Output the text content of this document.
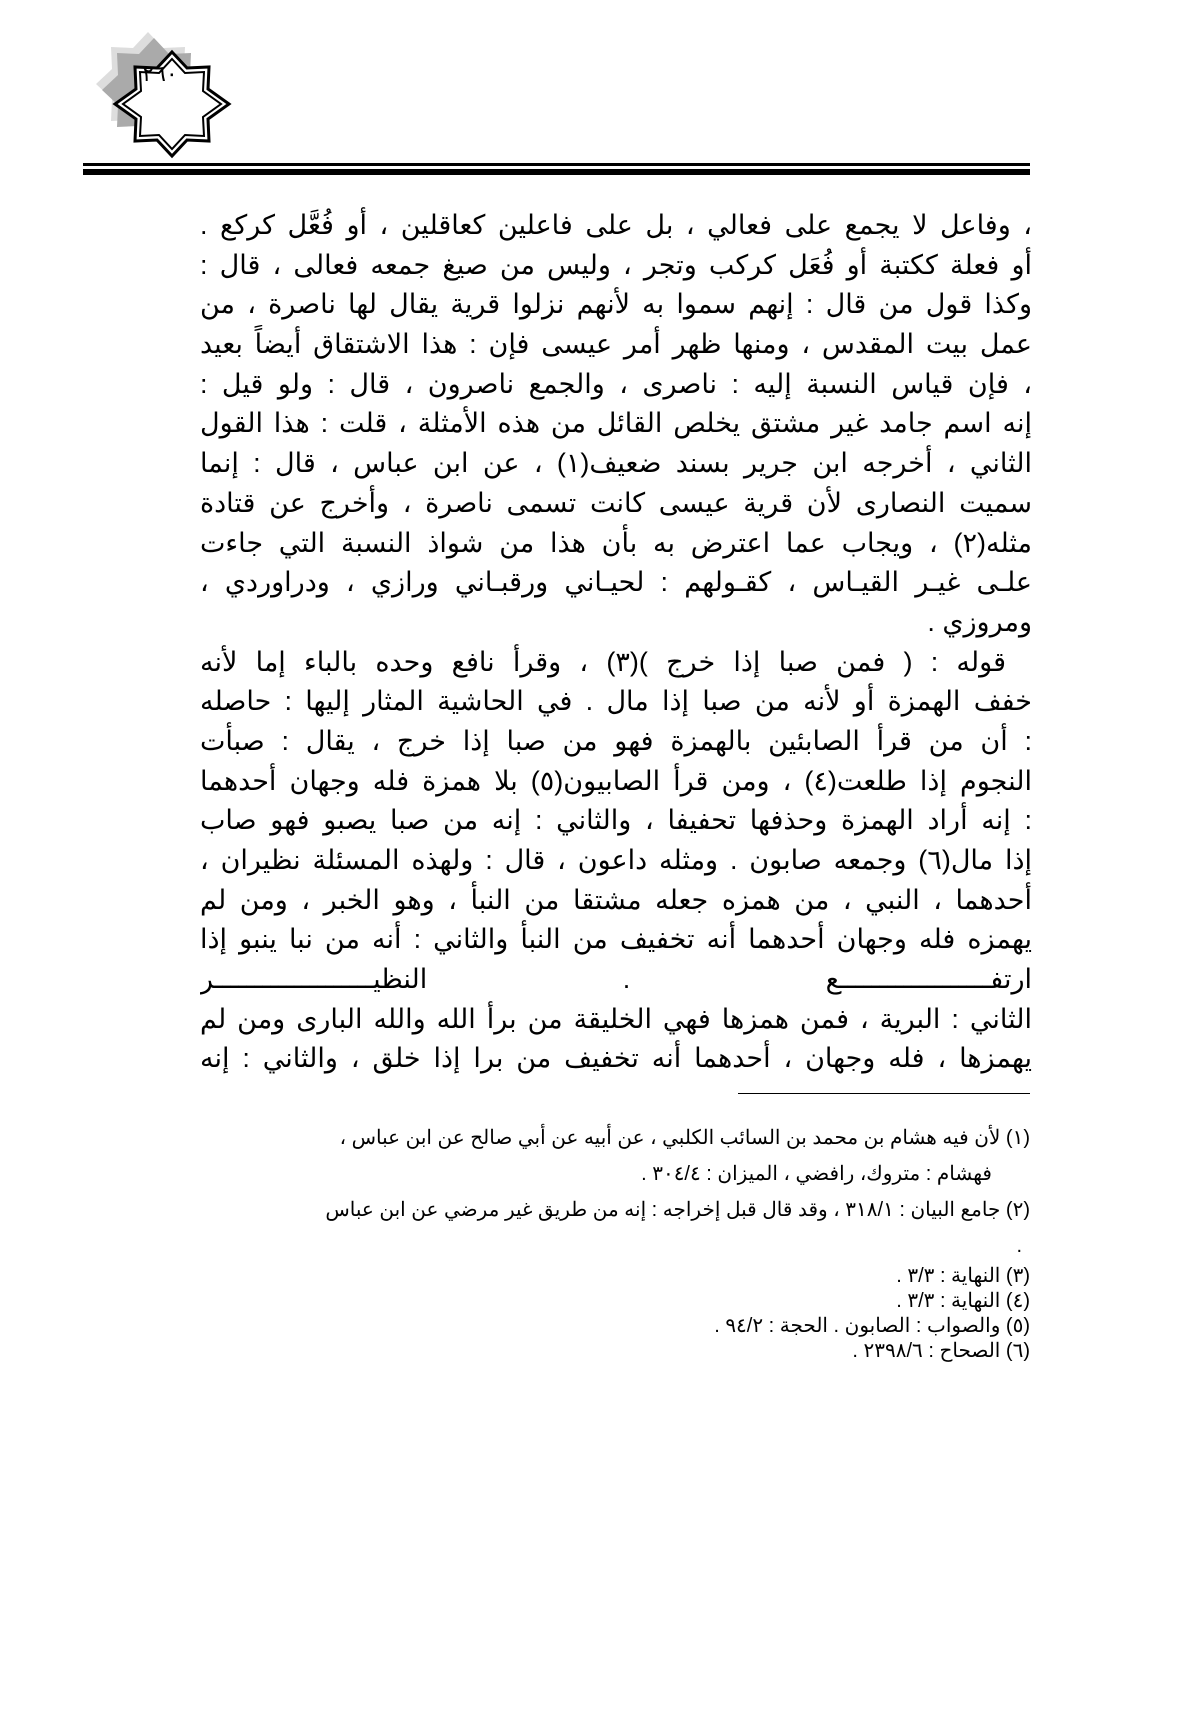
٢٦٠
، وفاعل لا يجمع على فعالي ، بل على فاعلين كعاقلين ، أو فُعَّل كركع .
أو فعلة ككتبة أو فُعَل كركب وتجر ، وليس من صيغ جمعه فعالى ، قال :
وكذا قول من قال : إنهم سموا به لأنهم نزلوا قرية يقال لها ناصرة ، من
عمل بيت المقدس ، ومنها ظهر أمر عيسى فإن : هذا الاشتقاق أيضاً بعيد
، فإن قياس النسبة إليه : ناصرى ، والجمع ناصرون ، قال : ولو قيل :
إنه اسم جامد غير مشتق يخلص القائل من هذه الأمثلة ، قلت : هذا القول
الثاني ، أخرجه ابن جرير بسند ضعيف(١) ، عن ابن عباس ، قال : إنما
سميت النصارى لأن قرية عيسى كانت تسمى ناصرة ، وأخرج عن قتادة
مثله(٢) ، ويجاب عما اعترض به بأن هذا من شواذ النسبة التي جاءت
علـى غيـر القيـاس ، كقـولهم : لحيـاني ورقبـاني ورازي ، ودراوردي ،
ومروزي .
قوله : ( فمن صبا إذا خرج )(٣) ، وقرأ نافع وحده بالباء إما لأنه
خفف الهمزة أو لأنه من صبا إذا مال . في الحاشية المثار إليها : حاصله
: أن من قرأ الصابئين بالهمزة فهو من صبا إذا خرج ، يقال : صبأت
النجوم إذا طلعت(٤) ، ومن قرأ الصابيون(٥) بلا همزة فله وجهان أحدهما
: إنه أراد الهمزة وحذفها تحفيفا ، والثاني : إنه من صبا يصبو فهو صاب
إذا مال(٦) وجمعه صابون . ومثله داعون ، قال : ولهذه المسئلة نظيران ،
أحدهما ، النبي ، من همزه جعله مشتقا من النبأ ، وهو الخبر ، ومن لم
يهمزه فله وجهان أحدهما أنه تخفيف من النبأ والثاني : أنه من نبا ينبو إذا
ارتفـــــــــــــــــــع . النظيــــــــــــــــــــر
الثاني : البرية ، فمن همزها فهي الخليقة من برأ الله والله البارى ومن لم
يهمزها ، فله وجهان ، أحدهما أنه تخفيف من برا إذا خلق ، والثاني : إنه
(١) لأن فيه هشام بن محمد بن السائب الكلبي ، عن أبيه عن أبي صالح عن ابن عباس ،
فهشام : متروك، رافضي ، الميزان : ٣٠٤/٤ .
(٢) جامع البيان : ٣١٨/١ ، وقد قال قبل إخراجه : إنه من طريق غير مرضي عن ابن عباس
.
(٣) النهاية : ٣/٣ .
(٤) النهاية : ٣/٣ .
(٥) والصواب : الصابون . الحجة : ٩٤/٢ .
(٦) الصحاح : ٢٣٩٨/٦ .
